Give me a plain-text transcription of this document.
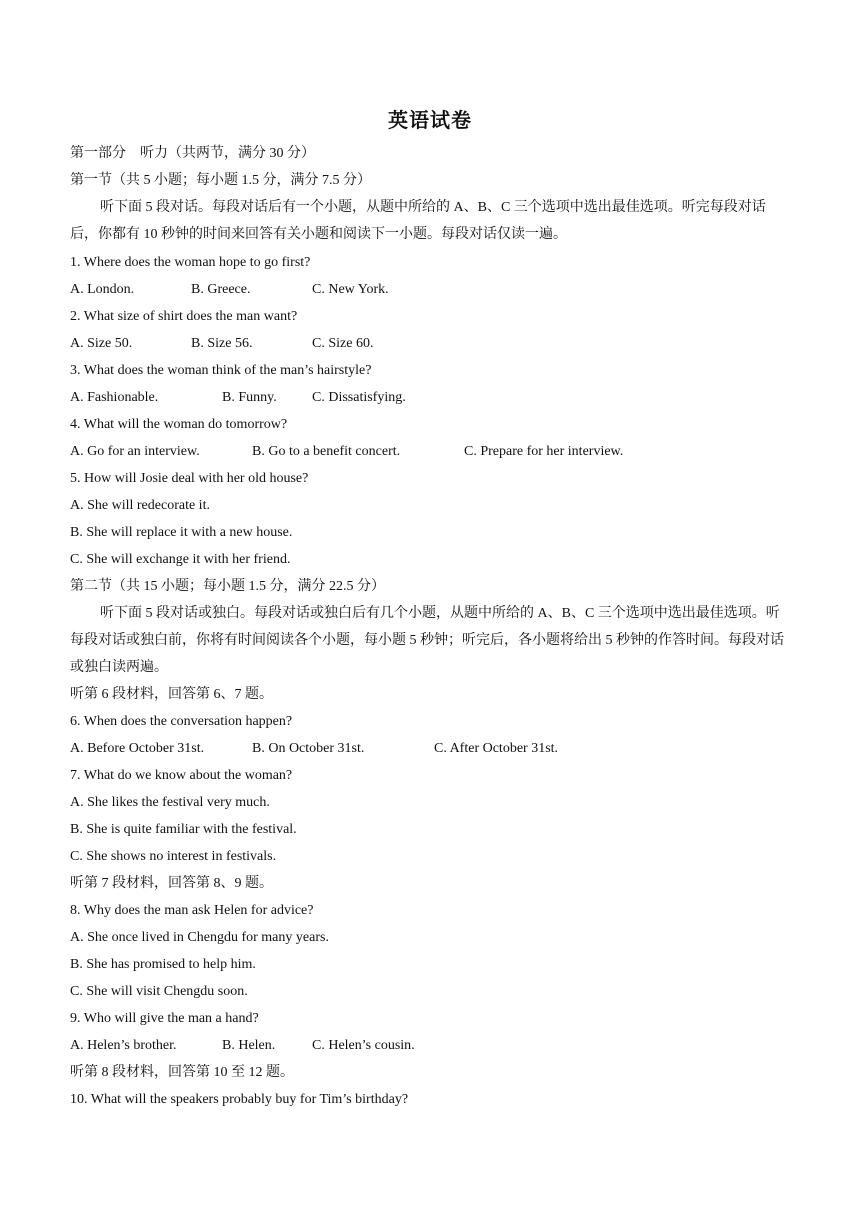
英语试卷
第一部分　听力（共两节，满分 30 分）
第一节（共 5 小题；每小题 1.5 分，满分 7.5 分）
听下面 5 段对话。每段对话后有一个小题，从题中所给的 A、B、C 三个选项中选出最佳选项。听完每段对话后，你都有 10 秒钟的时间来回答有关小题和阅读下一小题。每段对话仅读一遍。
1. Where does the woman hope to go first?
A. London.	B. Greece.	C. New York.
2. What size of shirt does the man want?
A. Size 50.	B. Size 56.	C. Size 60.
3. What does the woman think of the man’s hairstyle?
A. Fashionable.	B. Funny.	C. Dissatisfying.
4. What will the woman do tomorrow?
A. Go for an interview.	B. Go to a benefit concert.	C. Prepare for her interview.
5. How will Josie deal with her old house?
A. She will redecorate it.
B. She will replace it with a new house.
C. She will exchange it with her friend.
第二节（共 15 小题；每小题 1.5 分，满分 22.5 分）
听下面 5 段对话或独白。每段对话或独白后有几个小题，从题中所给的 A、B、C 三个选项中选出最佳选项。听每段对话或独白前，你将有时间阅读各个小题，每小题 5 秒钟；听完后，各小题将给出 5 秒钟的作答时间。每段对话或独白读两遍。
听第 6 段材料，回答第 6、7 题。
6. When does the conversation happen?
A. Before October 31st.	B. On October 31st.	C. After October 31st.
7. What do we know about the woman?
A. She likes the festival very much.
B. She is quite familiar with the festival.
C. She shows no interest in festivals.
听第 7 段材料，回答第 8、9 题。
8. Why does the man ask Helen for advice?
A. She once lived in Chengdu for many years.
B. She has promised to help him.
C. She will visit Chengdu soon.
9. Who will give the man a hand?
A. Helen’s brother.	B. Helen.	C. Helen’s cousin.
听第 8 段材料，回答第 10 至 12 题。
10. What will the speakers probably buy for Tim’s birthday?
